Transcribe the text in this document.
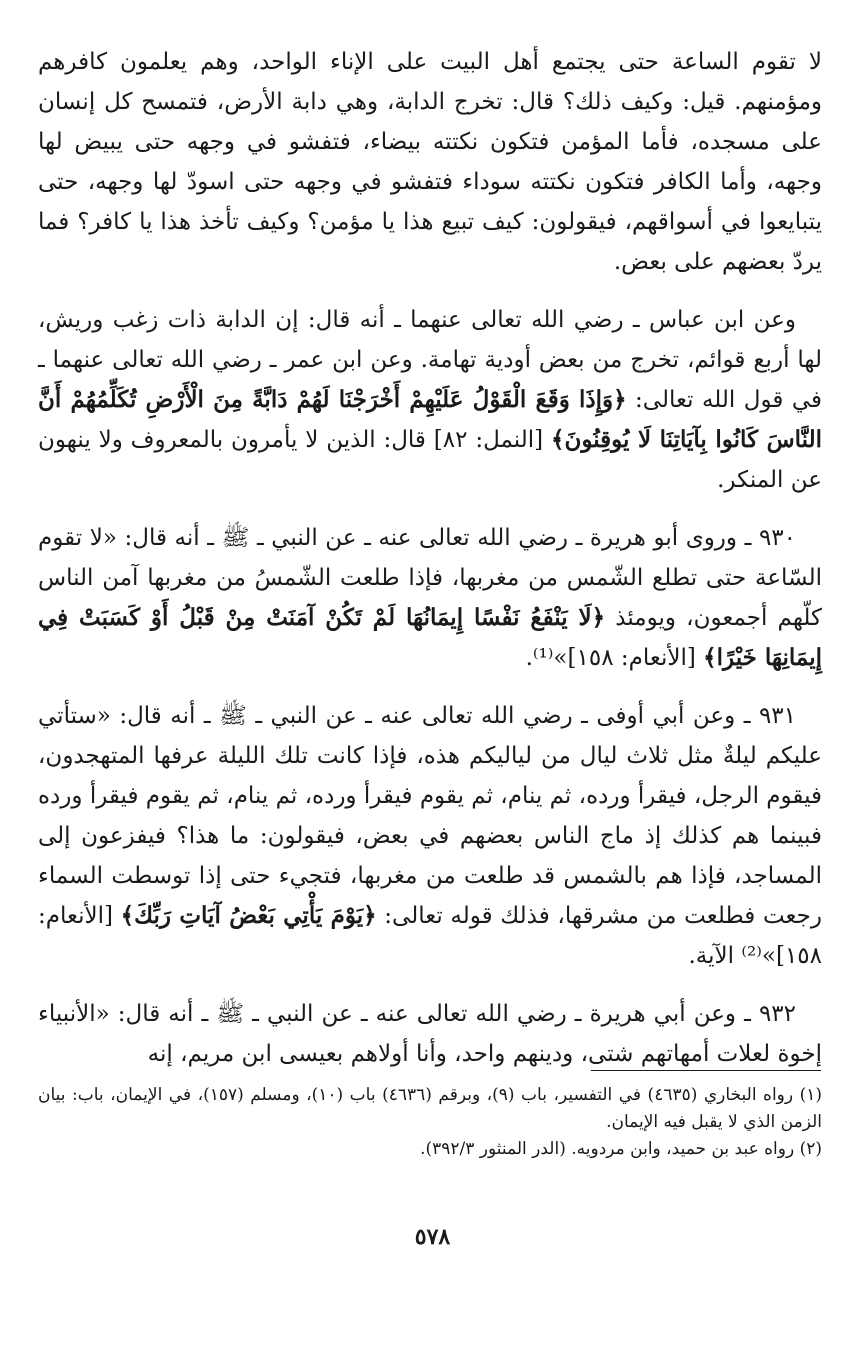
لا تقوم الساعة حتى يجتمع أهل البيت على الإناء الواحد، وهم يعلمون كافرهم ومؤمنهم. قيل: وكيف ذلك؟ قال: تخرج الدابة، وهي دابة الأرض، فتمسح كل إنسان على مسجده، فأما المؤمن فتكون نكتته بيضاء، فتفشو في وجهه حتى يبيض لها وجهه، وأما الكافر فتكون نكتته سوداء فتفشو في وجهه حتى اسودّ لها وجهه، حتى يتبايعوا في أسواقهم، فيقولون: كيف تبيع هذا يا مؤمن؟ وكيف تأخذ هذا يا كافر؟ فما يردّ بعضهم على بعض.

وعن ابن عباس ـ رضي الله تعالى عنهما ـ أنه قال: إن الدابة ذات زغب وريش، لها أربع قوائم، تخرج من بعض أودية تهامة. وعن ابن عمر ـ رضي الله تعالى عنهما ـ في قول الله تعالى: ﴿وَإِذَا وَقَعَ الْقَوْلُ عَلَيْهِمْ أَخْرَجْنَا لَهُمْ دَابَّةً مِنَ الْأَرْضِ تُكَلِّمُهُمْ أَنَّ النَّاسَ كَانُوا بِآيَاتِنَا لَا يُوقِنُونَ﴾ [النمل: ٨٢] قال: الذين لا يأمرون بالمعروف ولا ينهون عن المنكر.

٩٣٠ ـ وروى أبو هريرة ـ رضي الله تعالى عنه ـ عن النبي ـ ﷺ ـ أنه قال: «لا تقوم السّاعة حتى تطلع الشّمس من مغربها، فإذا طلعت الشّمسُ من مغربها آمن الناس كلّهم أجمعون، ويومئذ ﴿لَا يَنْفَعُ نَفْسًا إِيمَانُهَا لَمْ تَكُنْ آمَنَتْ مِنْ قَبْلُ أَوْ كَسَبَتْ فِي إِيمَانِهَا خَيْرًا﴾ [الأنعام: ١٥٨]»⁽¹⁾.

٩٣١ ـ وعن أبي أوفى ـ رضي الله تعالى عنه ـ عن النبي ـ ﷺ ـ أنه قال: «ستأتي عليكم ليلةٌ مثل ثلاث ليال من لياليكم هذه، فإذا كانت تلك الليلة عرفها المتهجدون، فيقوم الرجل، فيقرأ ورده، ثم ينام، ثم يقوم فيقرأ ورده، ثم ينام، ثم يقوم فيقرأ ورده فبينما هم كذلك إذ ماج الناس بعضهم في بعض، فيقولون: ما هذا؟ فيفزعون إلى المساجد، فإذا هم بالشمس قد طلعت من مغربها، فتجيء حتى إذا توسطت السماء رجعت فطلعت من مشرقها، فذلك قوله تعالى: ﴿يَوْمَ يَأْتِي بَعْضُ آيَاتِ رَبِّكَ﴾ [الأنعام: ١٥٨]»⁽²⁾ الآية.

٩٣٢ ـ وعن أبي هريرة ـ رضي الله تعالى عنه ـ عن النبي ـ ﷺ ـ أنه قال: «الأنبياء إخوة لعلات أمهاتهم شتى، ودينهم واحد، وأنا أولاهم بعيسى ابن مريم، إنه

(١) رواه البخاري (٤٦٣٥) في التفسير، باب (٩)، وبرقم (٤٦٣٦) باب (١٠)، ومسلم (١٥٧)، في الإيمان، باب: بيان الزمن الذي لا يقبل فيه الإيمان.

(٢) رواه عبد بن حميد، وابن مردويه. (الدر المنثور ٣٩٢/٣).

٥٧٨
